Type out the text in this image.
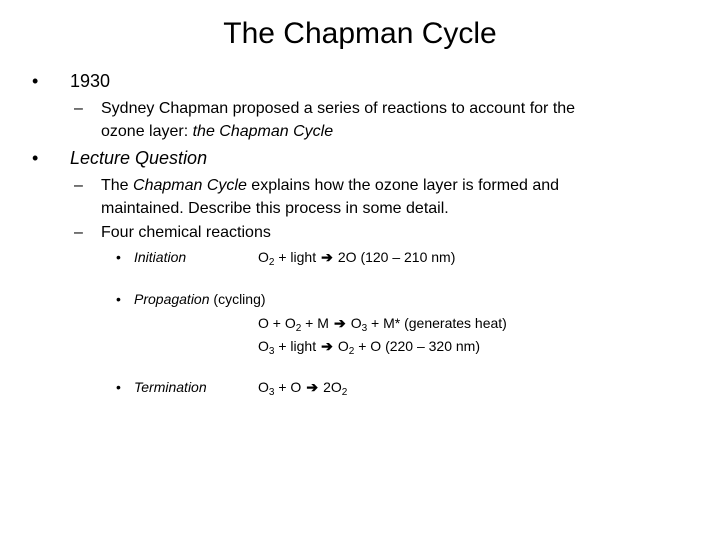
The Chapman Cycle
• 1930
– Sydney Chapman proposed a series of reactions to account for the
ozone layer: the Chapman Cycle
• Lecture Question
– The Chapman Cycle explains how the ozone layer is formed and
maintained. Describe this process in some detail.
– Four chemical reactions
• Initiation	$O_2$ + light ➔ 2O (120 – 210 nm)
• Propagation (cycling)
$O + O_2 + M$ ➔ $O_3 + M*$ (generates heat)
$O_3$ + light ➔ $O_2 + O$ (220 – 320 nm)
• Termination	$O_3 + O$ ➔ $2O_2$
